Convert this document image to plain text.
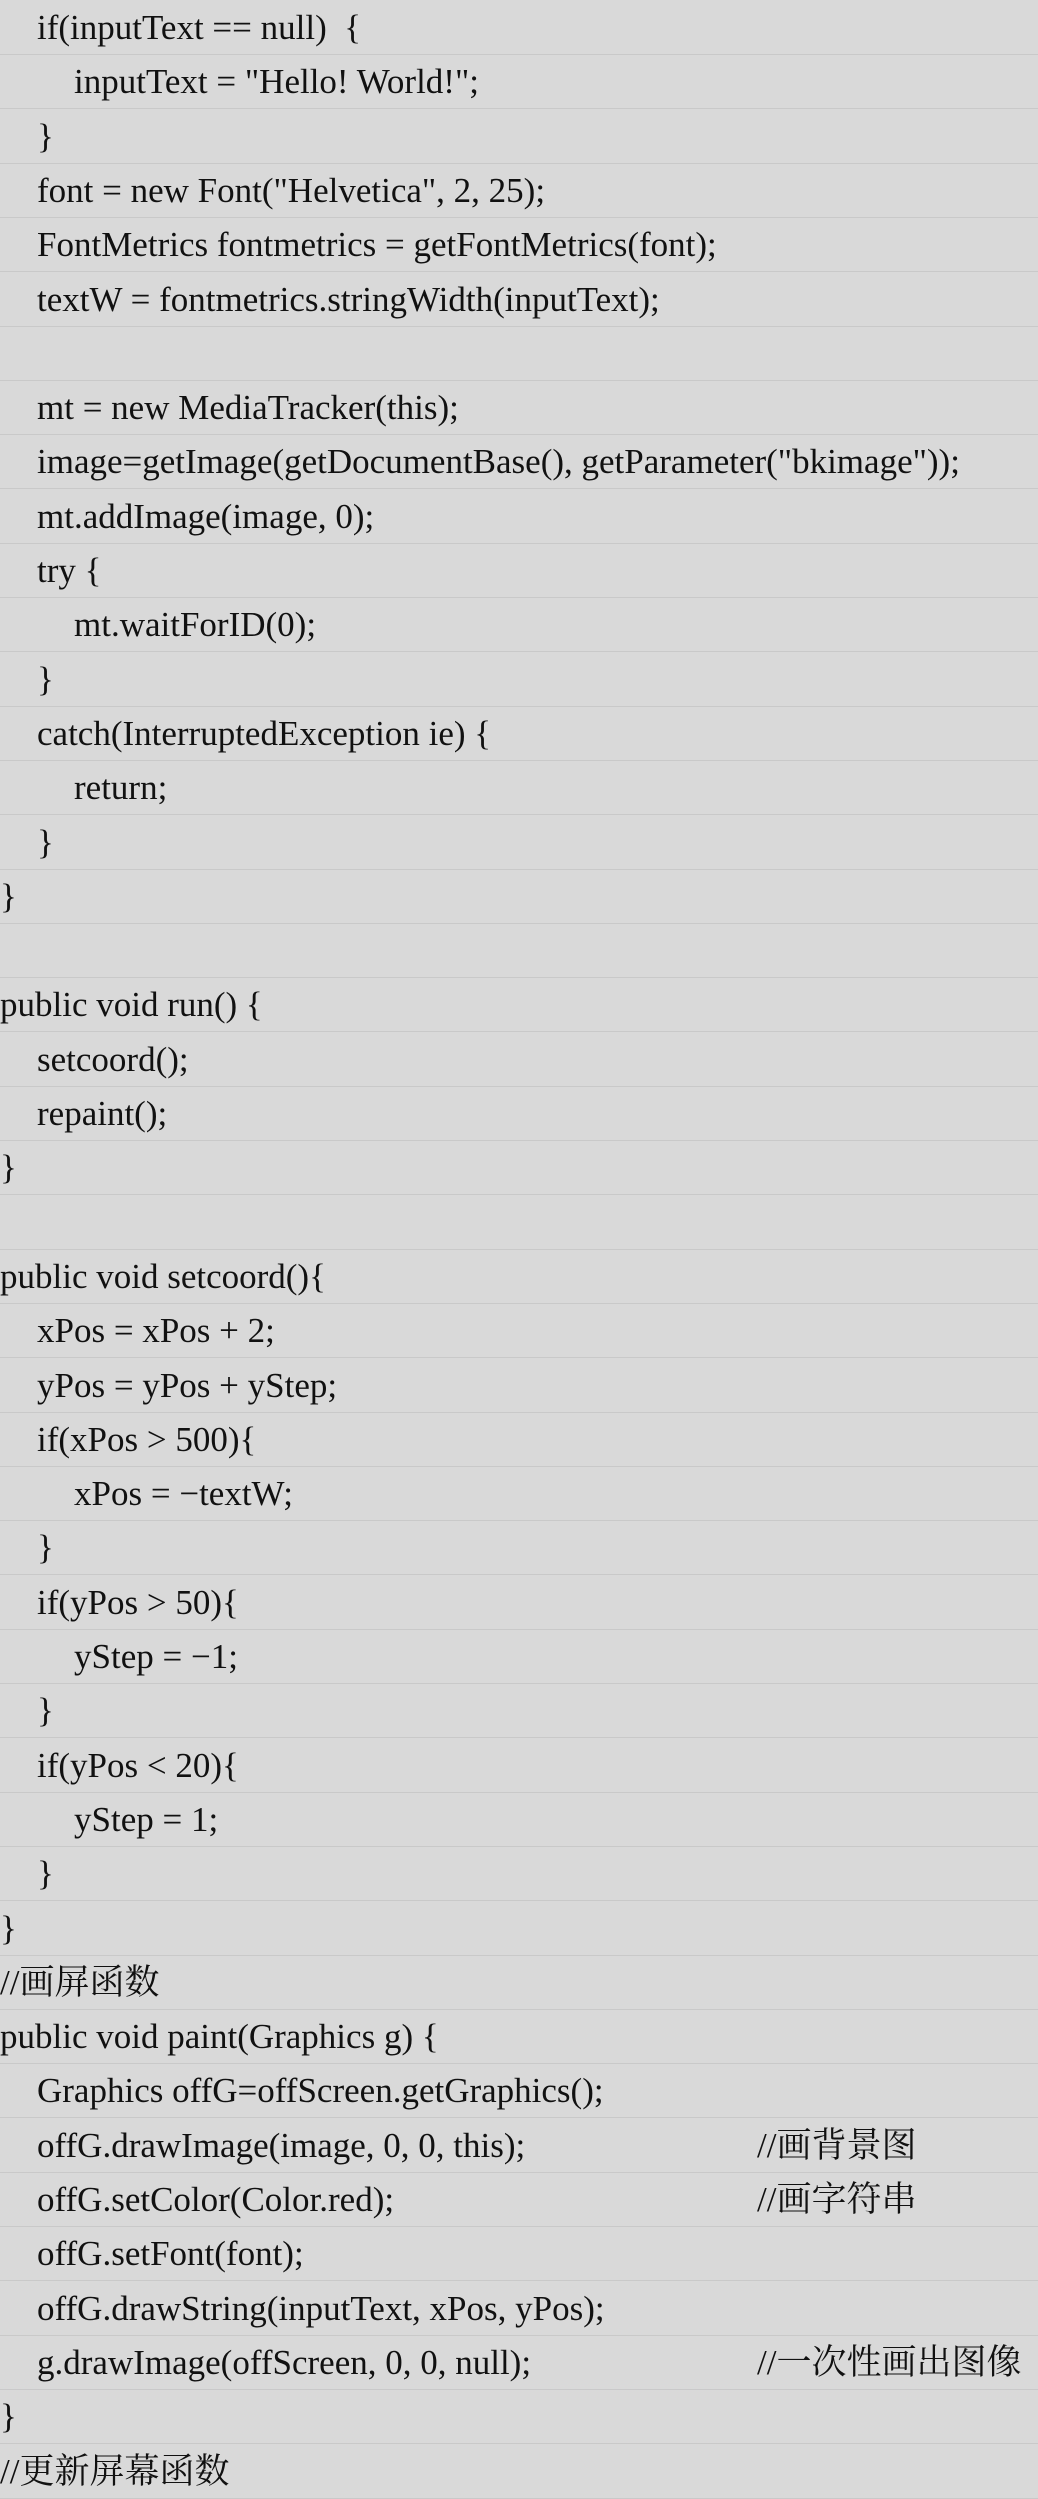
if(inputText == null)  {
inputText = "Hello! World!";
}
font = new Font("Helvetica", 2, 25);
FontMetrics fontmetrics = getFontMetrics(font);
textW = fontmetrics.stringWidth(inputText);
mt = new MediaTracker(this);
image=getImage(getDocumentBase(), getParameter("bkimage"));
mt.addImage(image, 0);
try {
mt.waitForID(0);
}
catch(InterruptedException ie) {
return;
}
}
public void run() {
setcoord();
repaint();
}
public void setcoord(){
xPos = xPos + 2;
yPos = yPos + yStep;
if(xPos > 500){
xPos = −textW;
}
if(yPos > 50){
yStep = −1;
}
if(yPos < 20){
yStep = 1;
}
}
//画屏函数
public void paint(Graphics g) {
Graphics offG=offScreen.getGraphics();
offG.drawImage(image, 0, 0, this);	//画背景图
offG.setColor(Color.red);	//画字符串
offG.setFont(font);
offG.drawString(inputText, xPos, yPos);
g.drawImage(offScreen, 0, 0, null);	//一次性画出图像
}
//更新屏幕函数
